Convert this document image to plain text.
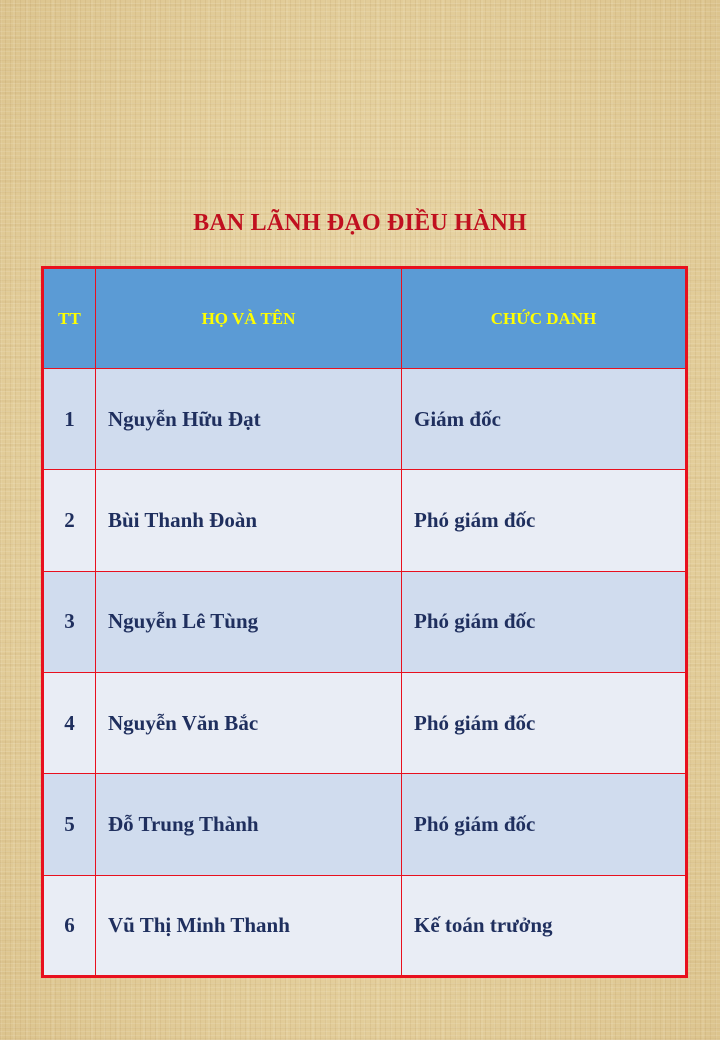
BAN LÃNH ĐẠO ĐIỀU HÀNH
TT	HỌ VÀ TÊN	CHỨC DANH
1	Nguyễn Hữu Đạt	Giám đốc
2	Bùi Thanh Đoàn	Phó giám đốc
3	Nguyễn Lê Tùng	Phó giám đốc
4	Nguyễn Văn Bắc	Phó giám đốc
5	Đỗ Trung Thành	Phó giám đốc
6	Vũ Thị Minh Thanh	Kế toán trưởng
